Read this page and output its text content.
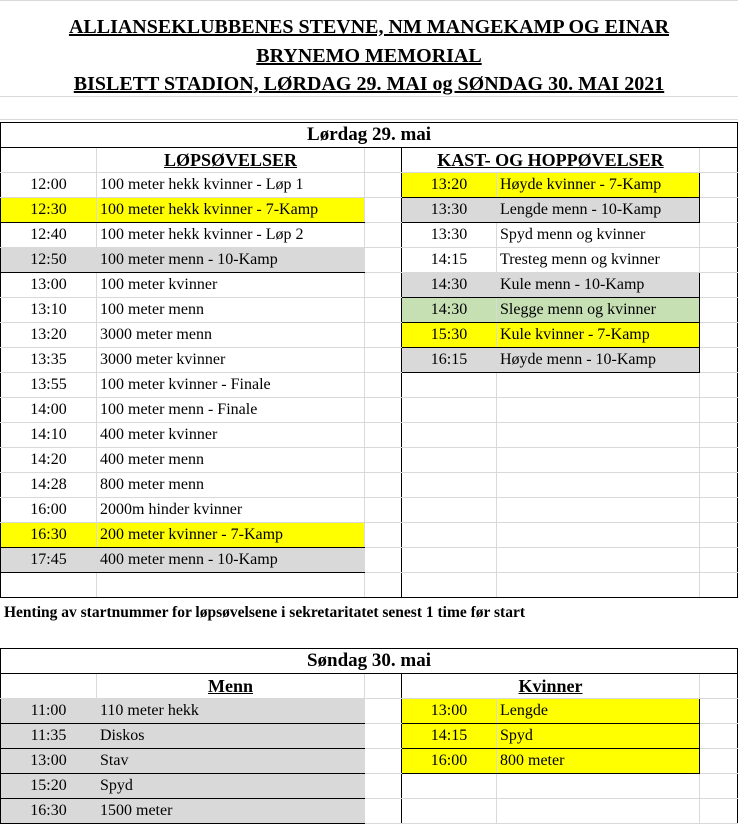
ALLIANSEKLUBBENES STEVNE, NM MANGEKAMP OG EINAR
BRYNEMO MEMORIAL
BISLETT STADION, LØRDAG 29. MAI og SØNDAG 30. MAI 2021
Lørdag 29. mai					
	LØPSØVELSER		KAST- OG HOPPØVELSER		
12:00	100 meter hekk kvinner - Løp 1		13:20	Høyde kvinner - 7-Kamp	
12:30	100 meter hekk kvinner - 7-Kamp		13:30	Lengde menn - 10-Kamp	
12:40	100 meter hekk kvinner - Løp 2		13:30	Spyd menn og kvinner	
12:50	100 meter menn - 10-Kamp		14:15	Tresteg menn og kvinner	
13:00	100 meter kvinner		14:30	Kule menn - 10-Kamp	
13:10	100 meter menn		14:30	Slegge menn og kvinner	
13:20	3000 meter menn		15:30	Kule kvinner - 7-Kamp	
13:35	3000 meter kvinner		16:15	Høyde menn - 10-Kamp	
13:55	100 meter kvinner - Finale				
14:00	100 meter menn - Finale				
14:10	400 meter kvinner				
14:20	400 meter menn				
14:28	800 meter menn				
16:00	2000m hinder kvinner				
16:30	200 meter kvinner - 7-Kamp				
17:45	400 meter menn - 10-Kamp				

Henting av startnummer for løpsøvelsene i sekretaritatet senest 1 time før start
Søndag 30. mai					
	Menn		Kvinner		
11:00	110 meter hekk		13:00	Lengde	
11:35	Diskos		14:15	Spyd	
13:00	Stav		16:00	800 meter	
15:20	Spyd				
16:30	1500 meter				
